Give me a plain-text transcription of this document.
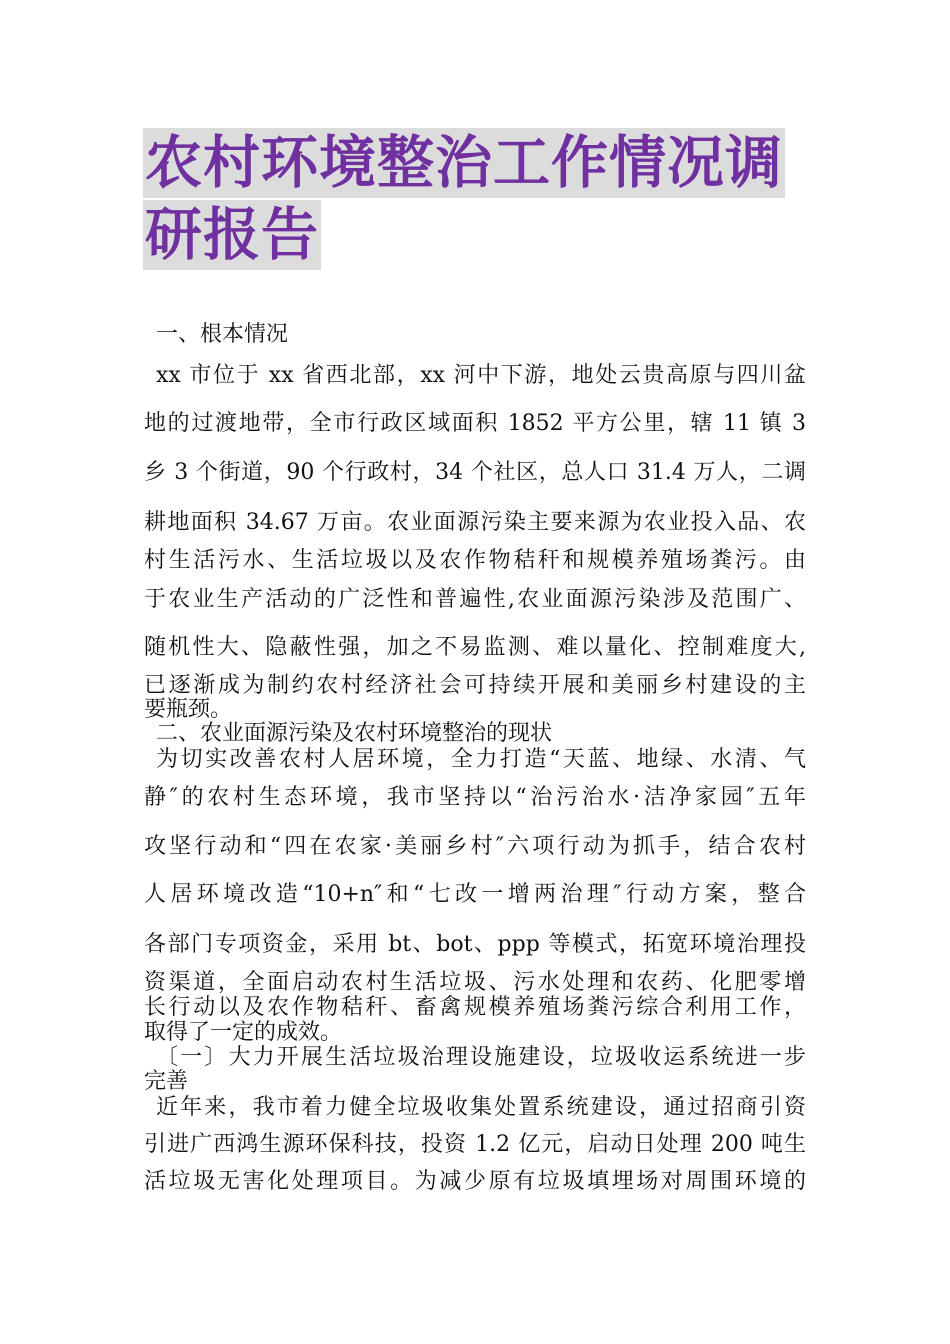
农村环境整治工作情况调
研报告
一、根本情况
xx 市位于 xx 省西北部，xx 河中下游，地处云贵高原与四川盆
地的过渡地带，全市行政区域面积 1852 平方公里，辖 11 镇 3
乡 3 个街道，90 个行政村，34 个社区，总人口 31.4 万人，二调
耕地面积 34.67 万亩。农业面源污染主要来源为农业投入品、农
村生活污水、生活垃圾以及农作物秸秆和规模养殖场粪污。由
于农业生产活动的广泛性和普遍性,农业面源污染涉及范围广、
随机性大、隐蔽性强，加之不易监测、难以量化、控制难度大,
已逐渐成为制约农村经济社会可持续开展和美丽乡村建设的主
要瓶颈。
二、农业面源污染及农村环境整治的现状
为切实改善农村人居环境，全力打造“天蓝、地绿、水清、气
静″的农村生态环境，我市坚持以“治污治水·洁净家园″五年
攻坚行动和“四在农家·美丽乡村″六项行动为抓手，结合农村
人居环境改造“10+n″和“七改一增两治理″行动方案，整合
各部门专项资金，采用 bt、bot、ppp 等模式，拓宽环境治理投
资渠道，全面启动农村生活垃圾、污水处理和农药、化肥零增
长行动以及农作物秸秆、畜禽规模养殖场粪污综合利用工作，
取得了一定的成效。
〔一〕大力开展生活垃圾治理设施建设，垃圾收运系统进一步
完善
近年来，我市着力健全垃圾收集处置系统建设，通过招商引资
引进广西鸿生源环保科技，投资 1.2 亿元，启动日处理 200 吨生
活垃圾无害化处理项目。为减少原有垃圾填埋场对周围环境的
